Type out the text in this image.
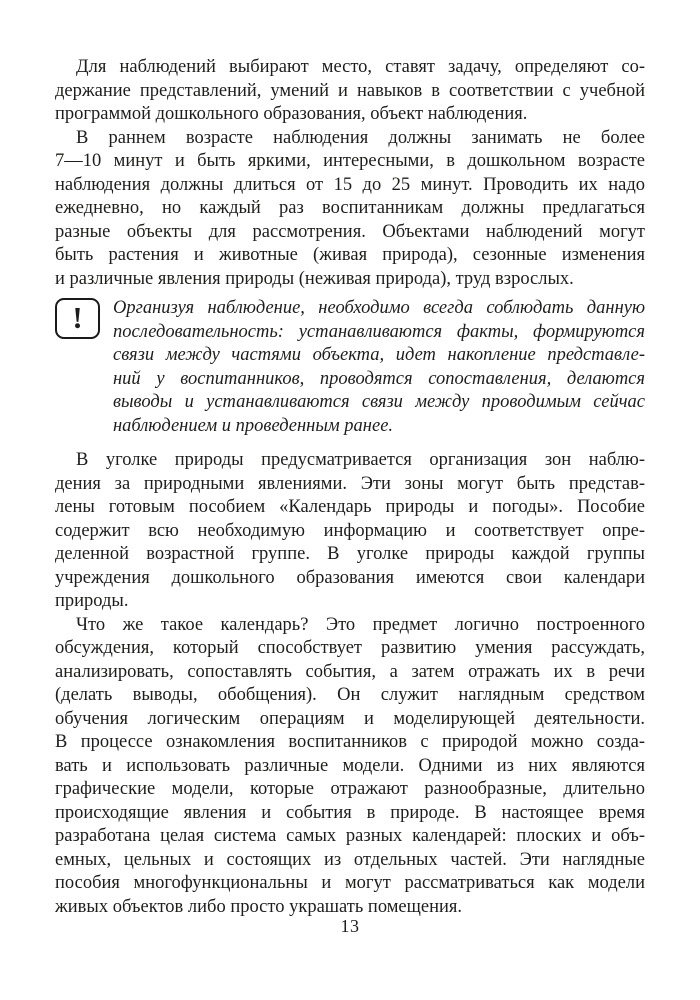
Для наблюдений выбирают место, ставят задачу, определяют со-
держание представлений, умений и навыков в соответствии с учебной
программой дошкольного образования, объект наблюдения.
В раннем возрасте наблюдения должны занимать не более
7—10 минут и быть яркими, интересными, в дошкольном возрасте
наблюдения должны длиться от 15 до 25 минут. Проводить их надо
ежедневно, но каждый раз воспитанникам должны предлагаться
разные объекты для рассмотрения. Объектами наблюдений могут
быть растения и животные (живая природа), сезонные изменения
и различные явления природы (неживая природа), труд взрослых.
! Организуя наблюдение, необходимо всегда соблюдать данную
последовательность: устанавливаются факты, формируются
связи между частями объекта, идет накопление представле-
ний у воспитанников, проводятся сопоставления, делаются
выводы и устанавливаются связи между проводимым сейчас
наблюдением и проведенным ранее.
В уголке природы предусматривается организация зон наблю-
дения за природными явлениями. Эти зоны могут быть представ-
лены готовым пособием «Календарь природы и погоды». Пособие
содержит всю необходимую информацию и соответствует опре-
деленной возрастной группе. В уголке природы каждой группы
учреждения дошкольного образования имеются свои календари
природы.
Что же такое календарь? Это предмет логично построенного
обсуждения, который способствует развитию умения рассуждать,
анализировать, сопоставлять события, а затем отражать их в речи
(делать выводы, обобщения). Он служит наглядным средством
обучения логическим операциям и моделирующей деятельности.
В процессе ознакомления воспитанников с природой можно созда-
вать и использовать различные модели. Одними из них являются
графические модели, которые отражают разнообразные, длительно
происходящие явления и события в природе. В настоящее время
разработана целая система самых разных календарей: плоских и объ-
емных, цельных и состоящих из отдельных частей. Эти наглядные
пособия многофункциональны и могут рассматриваться как модели
живых объектов либо просто украшать помещения.
13
